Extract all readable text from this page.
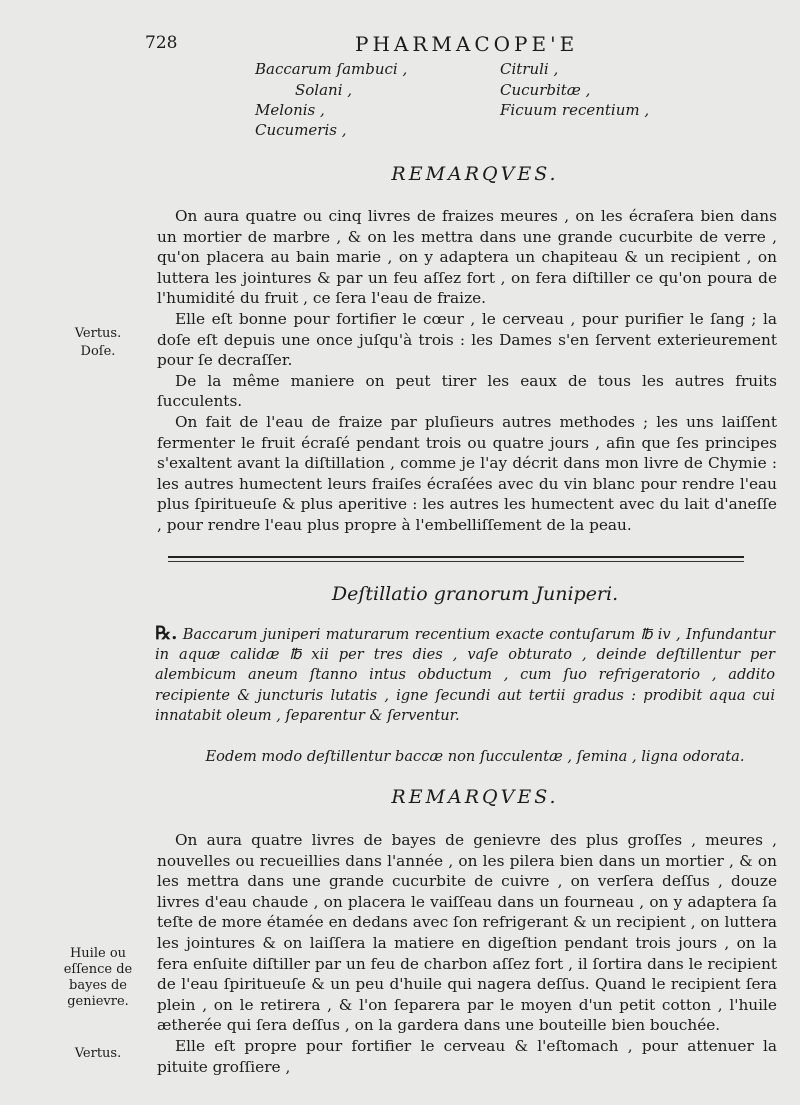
728	PHARMACOPE'E
Baccarum ſambuci ,
Solani ,
Melonis ,
Cucumeris ,
Citruli ,
Cucurbitæ ,
Ficuum recentium ,
REMARQVES.

On aura quatre ou cinq livres de fraizes meures , on les écraſera bien dans un mortier de marbre , & on les mettra dans une grande cucurbite de verre , qu'on placera au bain marie , on y adaptera un chapiteau & un recipient , on luttera les jointures & par un feu aſſez fort , on fera diſtiller ce qu'on poura de l'humidité du fruit , ce ſera l'eau de fraize.

Elle eſt bonne pour fortifier le cœur , le cerveau , pour purifier le ſang ; la doſe eſt depuis une once juſqu'à trois : les Dames s'en ſervent exterieurement pour ſe decraſſer.

De la même maniere on peut tirer les eaux de tous les autres fruits ſucculents.

On fait de l'eau de fraize par pluſieurs autres methodes ; les uns laiſſent fermenter le fruit écraſé pendant trois ou quatre jours , afin que ſes principes s'exaltent avant la diſtillation , comme je l'ay décrit dans mon livre de Chymie : les autres humectent leurs fraiſes écraſées avec du vin blanc pour rendre l'eau plus ſpiritueuſe & plus aperitive : les autres les humectent avec du lait d'aneſſe , pour rendre l'eau plus propre à l'embelliſſement de la peau.

Vertus.
Doſe.
Deſtillatio granorum Juniperi.

℞. Baccarum juniperi maturarum recentium exacte contuſarum ℔ iv , Infundantur in aquæ calidæ ℔ xii per tres dies , vaſe obturato , deinde deſtillentur per alembicum aneum ſtanno intus obductum , cum ſuo refrigeratorio , addito recipiente & juncturis lutatis , igne ſecundi aut tertii gradus : prodibit aqua cui innatabit oleum , ſeparentur & ſerventur.

Eodem modo deſtillentur baccæ non ſucculentæ , ſemina , ligna odorata.
REMARQVES.

On aura quatre livres de bayes de genievre des plus groſſes , meures , nouvelles ou recueillies dans l'année , on les pilera bien dans un mortier , & on les mettra dans une grande cucurbite de cuivre , on verſera deſſus , douze livres d'eau chaude , on placera le vaiſſeau dans un fourneau , on y adaptera ſa teſte de more étamée en dedans avec ſon refrigerant & un recipient , on luttera les jointures & on laiſſera la matiere en digeſtion pendant trois jours , on la fera enſuite diſtiller par un feu de charbon aſſez fort , il ſortira dans le recipient de l'eau ſpiritueuſe & un peu d'huile qui nagera deſſus. Quand le recipient ſera plein , on le retirera , & l'on ſeparera par le moyen d'un petit cotton , l'huile ætherée qui ſera deſſus , on la gardera dans une bouteille bien bouchée.

Elle eſt propre pour fortifier le cerveau & l'eſtomach , pour attenuer la pituite groſſiere ,

Huile ou eſſence de bayes de genievre.
Vertus.
